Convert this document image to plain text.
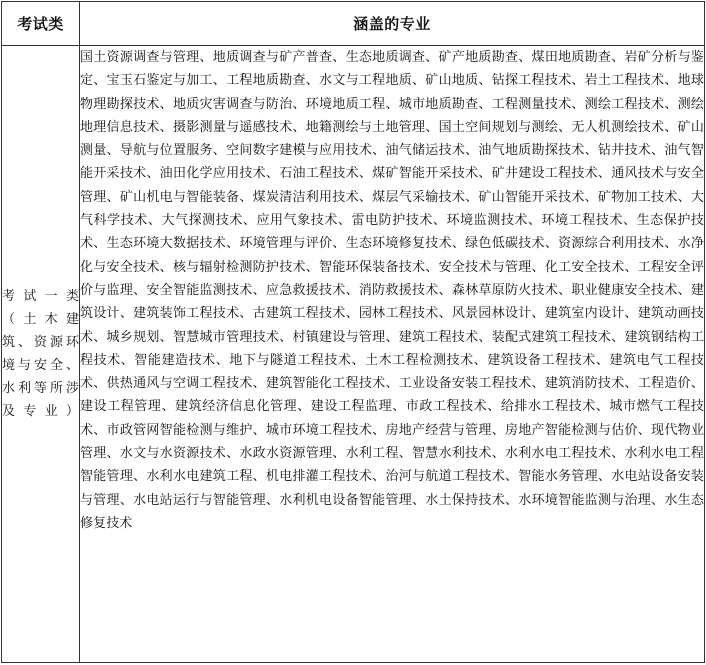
考试类	涵盖的专业
考试一类（土木建筑、资源环境与安全、水利等所涉及专业）	国土资源调查与管理、地质调查与矿产普查、生态地质调查、矿产地质勘查、煤田地质勘查、岩矿分析与鉴定、宝玉石鉴定与加工、工程地质勘查、水文与工程地质、矿山地质、钻探工程技术、岩土工程技术、地球物理勘探技术、地质灾害调查与防治、环境地质工程、城市地质勘查、工程测量技术、测绘工程技术、测绘地理信息技术、摄影测量与遥感技术、地籍测绘与土地管理、国土空间规划与测绘、无人机测绘技术、矿山测量、导航与位置服务、空间数字建模与应用技术、油气储运技术、油气地质勘探技术、钻井技术、油气智能开采技术、油田化学应用技术、石油工程技术、煤矿智能开采技术、矿井建设工程技术、通风技术与安全管理、矿山机电与智能装备、煤炭清洁利用技术、煤层气采输技术、矿山智能开采技术、矿物加工技术、大气科学技术、大气探测技术、应用气象技术、雷电防护技术、环境监测技术、环境工程技术、生态保护技术、生态环境大数据技术、环境管理与评价、生态环境修复技术、绿色低碳技术、资源综合利用技术、水净化与安全技术、核与辐射检测防护技术、智能环保装备技术、安全技术与管理、化工安全技术、工程安全评价与监理、安全智能监测技术、应急救援技术、消防救援技术、森林草原防火技术、职业健康安全技术、建筑设计、建筑装饰工程技术、古建筑工程技术、园林工程技术、风景园林设计、建筑室内设计、建筑动画技术、城乡规划、智慧城市管理技术、村镇建设与管理、建筑工程技术、装配式建筑工程技术、建筑钢结构工程技术、智能建造技术、地下与隧道工程技术、土木工程检测技术、建筑设备工程技术、建筑电气工程技术、供热通风与空调工程技术、建筑智能化工程技术、工业设备安装工程技术、建筑消防技术、工程造价、建设工程管理、建筑经济信息化管理、建设工程监理、市政工程技术、给排水工程技术、城市燃气工程技术、市政管网智能检测与维护、城市环境工程技术、房地产经营与管理、房地产智能检测与估价、现代物业管理、水文与水资源技术、水政水资源管理、水利工程、智慧水利技术、水利水电工程技术、水利水电工程智能管理、水利水电建筑工程、机电排灌工程技术、治河与航道工程技术、智能水务管理、水电站设备安装与管理、水电站运行与智能管理、水利机电设备智能管理、水土保持技术、水环境智能监测与治理、水生态修复技术
